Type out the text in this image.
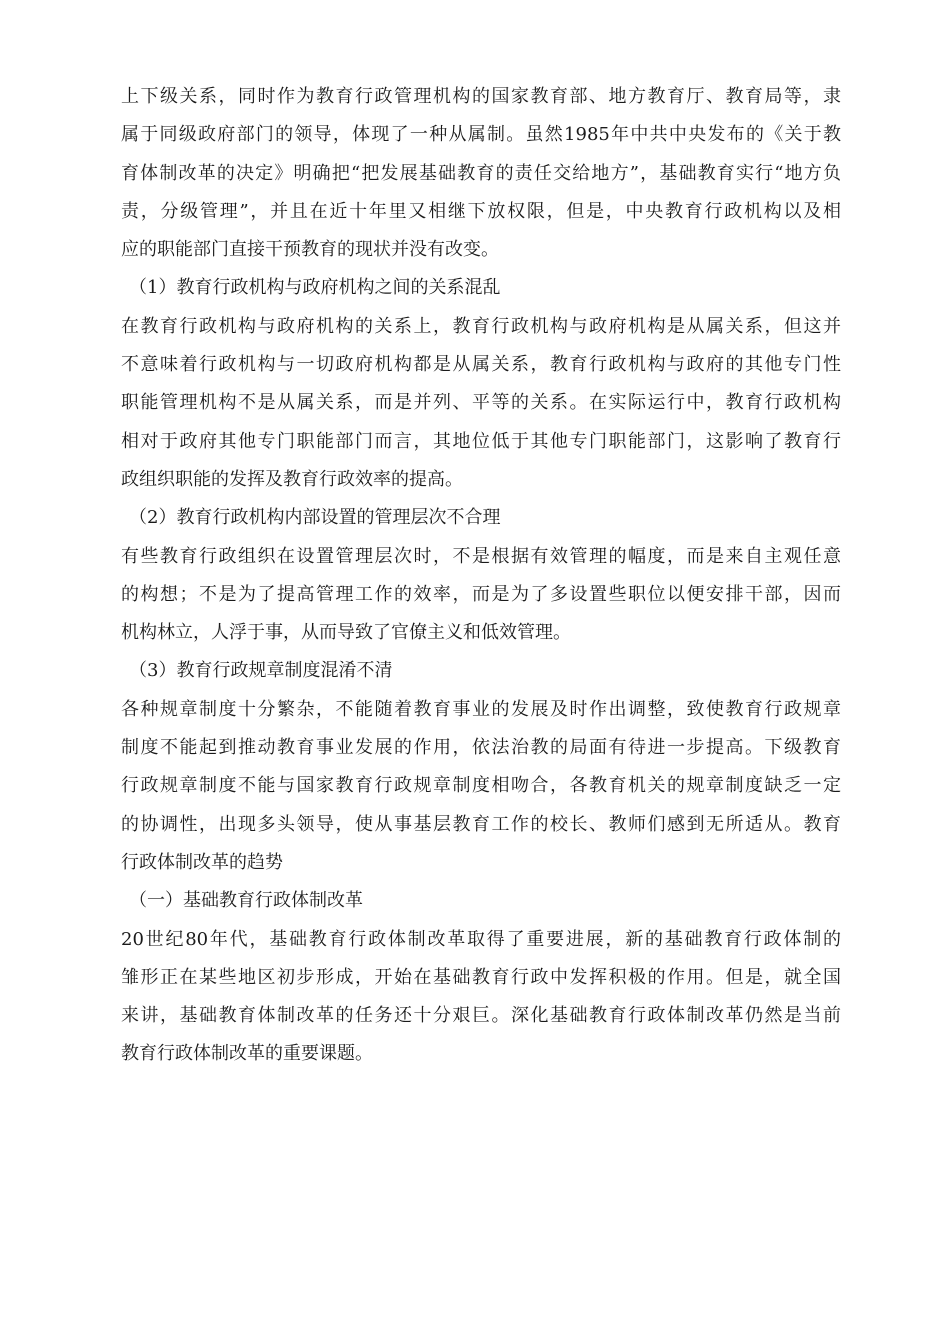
上下级关系，同时作为教育行政管理机构的国家教育部、地方教育厅、教育局等，隶
属于同级政府部门的领导，体现了一种从属制。虽然1985年中共中央发布的《关于教
育体制改革的决定》明确把“把发展基础教育的责任交给地方”，基础教育实行“地方负
责，分级管理”，并且在近十年里又相继下放权限，但是，中央教育行政机构以及相
应的职能部门直接干预教育的现状并没有改变。
（1）教育行政机构与政府机构之间的关系混乱
在教育行政机构与政府机构的关系上，教育行政机构与政府机构是从属关系，但这并
不意味着行政机构与一切政府机构都是从属关系，教育行政机构与政府的其他专门性
职能管理机构不是从属关系，而是并列、平等的关系。在实际运行中，教育行政机构
相对于政府其他专门职能部门而言，其地位低于其他专门职能部门，这影响了教育行
政组织职能的发挥及教育行政效率的提高。
（2）教育行政机构内部设置的管理层次不合理
有些教育行政组织在设置管理层次时，不是根据有效管理的幅度，而是来自主观任意
的构想；不是为了提高管理工作的效率，而是为了多设置些职位以便安排干部，因而
机构林立，人浮于事，从而导致了官僚主义和低效管理。
（3）教育行政规章制度混淆不清
各种规章制度十分繁杂，不能随着教育事业的发展及时作出调整，致使教育行政规章
制度不能起到推动教育事业发展的作用，依法治教的局面有待进一步提高。下级教育
行政规章制度不能与国家教育行政规章制度相吻合，各教育机关的规章制度缺乏一定
的协调性，出现多头领导，使从事基层教育工作的校长、教师们感到无所适从。教育
行政体制改革的趋势
（一）基础教育行政体制改革
20世纪80年代，基础教育行政体制改革取得了重要进展，新的基础教育行政体制的
雏形正在某些地区初步形成，开始在基础教育行政中发挥积极的作用。但是，就全国
来讲，基础教育体制改革的任务还十分艰巨。深化基础教育行政体制改革仍然是当前
教育行政体制改革的重要课题。
